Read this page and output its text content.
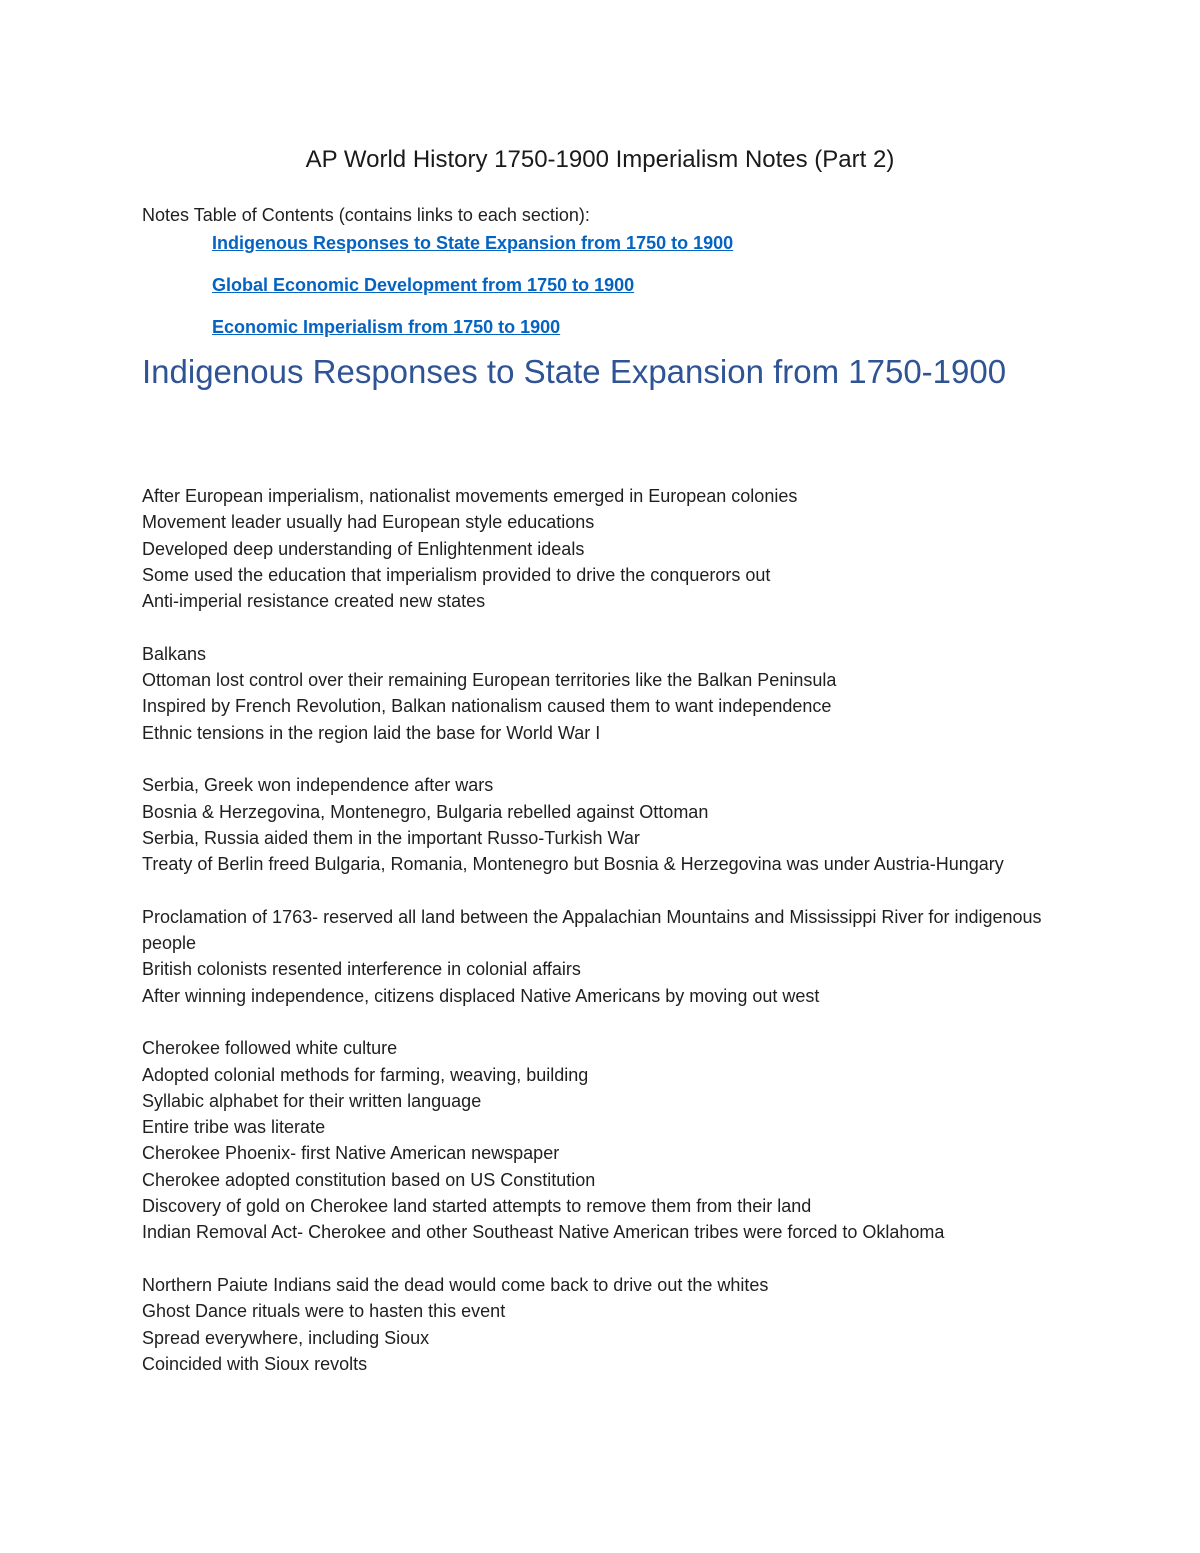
AP World History 1750-1900 Imperialism Notes (Part 2)
Notes Table of Contents (contains links to each section):
Indigenous Responses to State Expansion from 1750 to 1900
Global Economic Development from 1750 to 1900
Economic Imperialism from 1750 to 1900
Indigenous Responses to State Expansion from 1750-1900
After European imperialism, nationalist movements emerged in European colonies
Movement leader usually had European style educations
Developed deep understanding of Enlightenment ideals
Some used the education that imperialism provided to drive the conquerors out
Anti-imperial resistance created new states
Balkans
Ottoman lost control over their remaining European territories like the Balkan Peninsula
Inspired by French Revolution, Balkan nationalism caused them to want independence
Ethnic tensions in the region laid the base for World War I
Serbia, Greek won independence after wars
Bosnia & Herzegovina, Montenegro, Bulgaria rebelled against Ottoman
Serbia, Russia aided them in the important Russo-Turkish War
Treaty of Berlin freed Bulgaria, Romania, Montenegro but Bosnia & Herzegovina was under Austria-Hungary
Proclamation of 1763- reserved all land between the Appalachian Mountains and Mississippi River for indigenous people
British colonists resented interference in colonial affairs
After winning independence, citizens displaced Native Americans by moving out west
Cherokee followed white culture
Adopted colonial methods for farming, weaving, building
Syllabic alphabet for their written language
Entire tribe was literate
Cherokee Phoenix- first Native American newspaper
Cherokee adopted constitution based on US Constitution
Discovery of gold on Cherokee land started attempts to remove them from their land
Indian Removal Act- Cherokee and other Southeast Native American tribes were forced to Oklahoma
Northern Paiute Indians said the dead would come back to drive out the whites
Ghost Dance rituals were to hasten this event
Spread everywhere, including Sioux
Coincided with Sioux revolts
